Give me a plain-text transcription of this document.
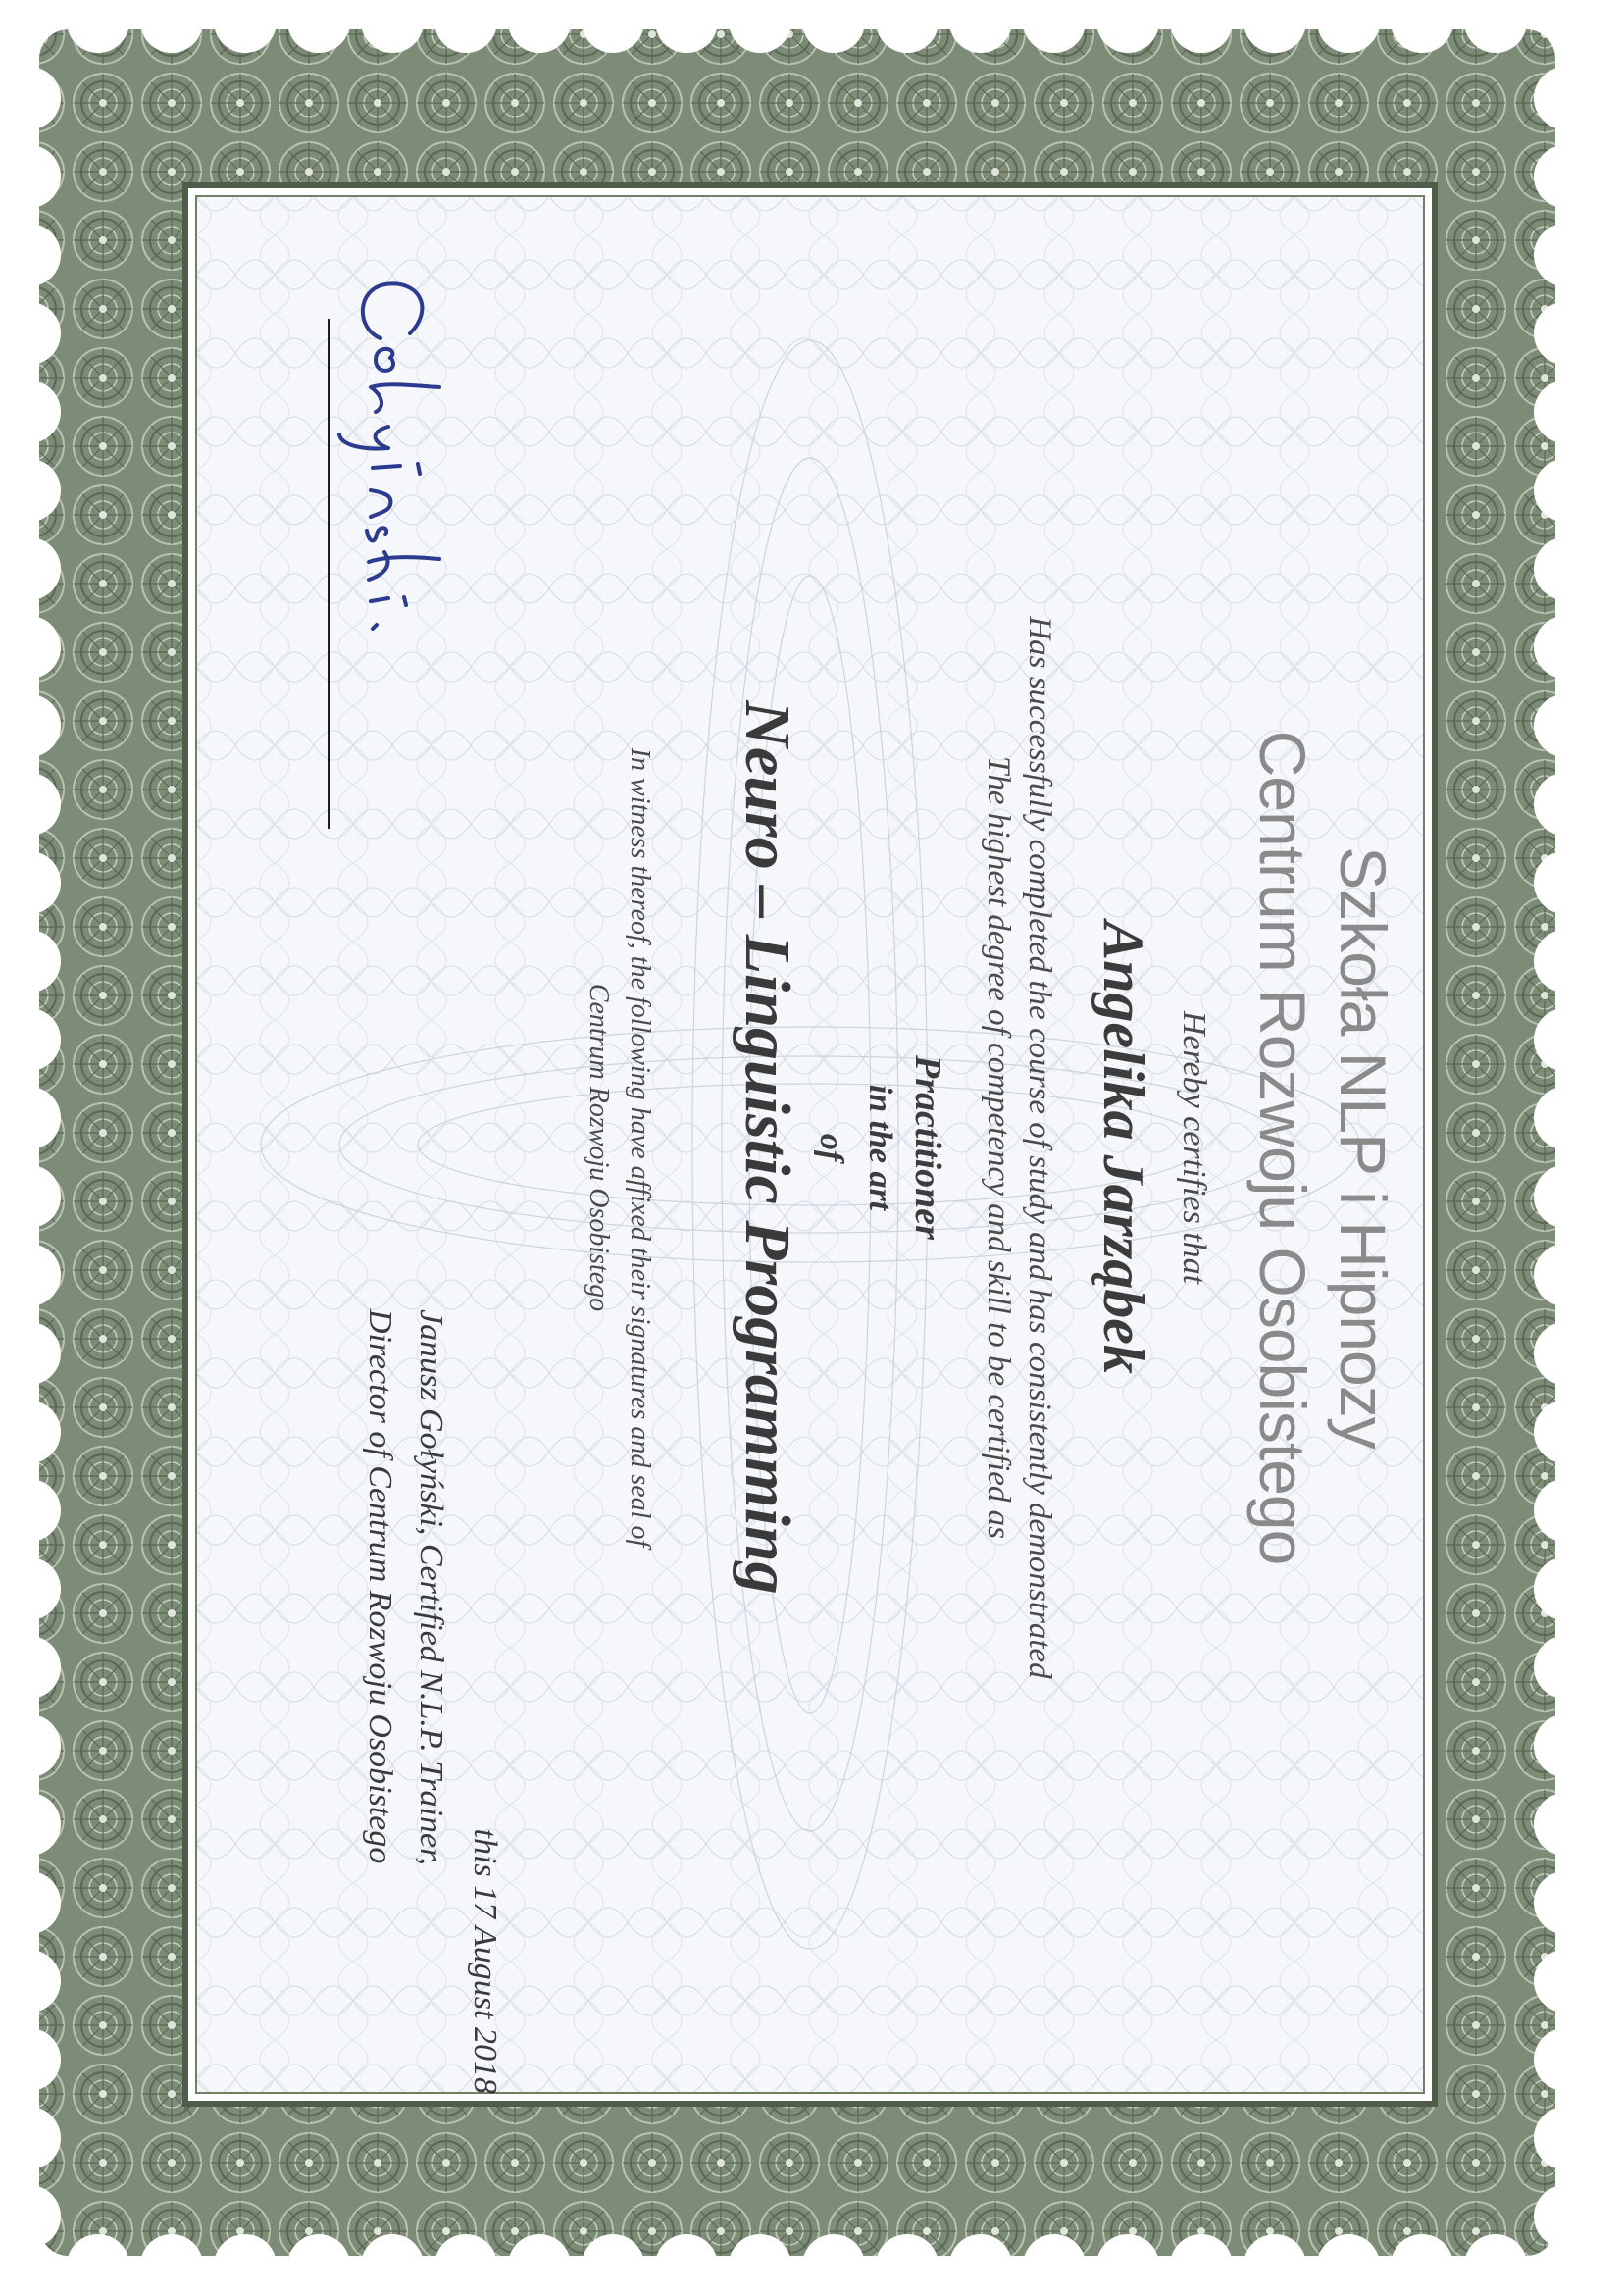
Szkoła NLP i Hipnozy
Centrum Rozwoju Osobistego
Hereby certifies that
Angelika Jarząbek
Has successfully completed the course of study and has consistently demonstrated
The highest degree of competency and skill to be certified as
Practitioner
in the art
of
Neuro – Linguistic Programming
In witness thereof, the following have affixed their signatures and seal of
Centrum Rozwoju Osobistego
this 17 August 2018
Janusz Gołyński, Certified N.L.P. Trainer,
Director of Centrum Rozwoju Osobistego
